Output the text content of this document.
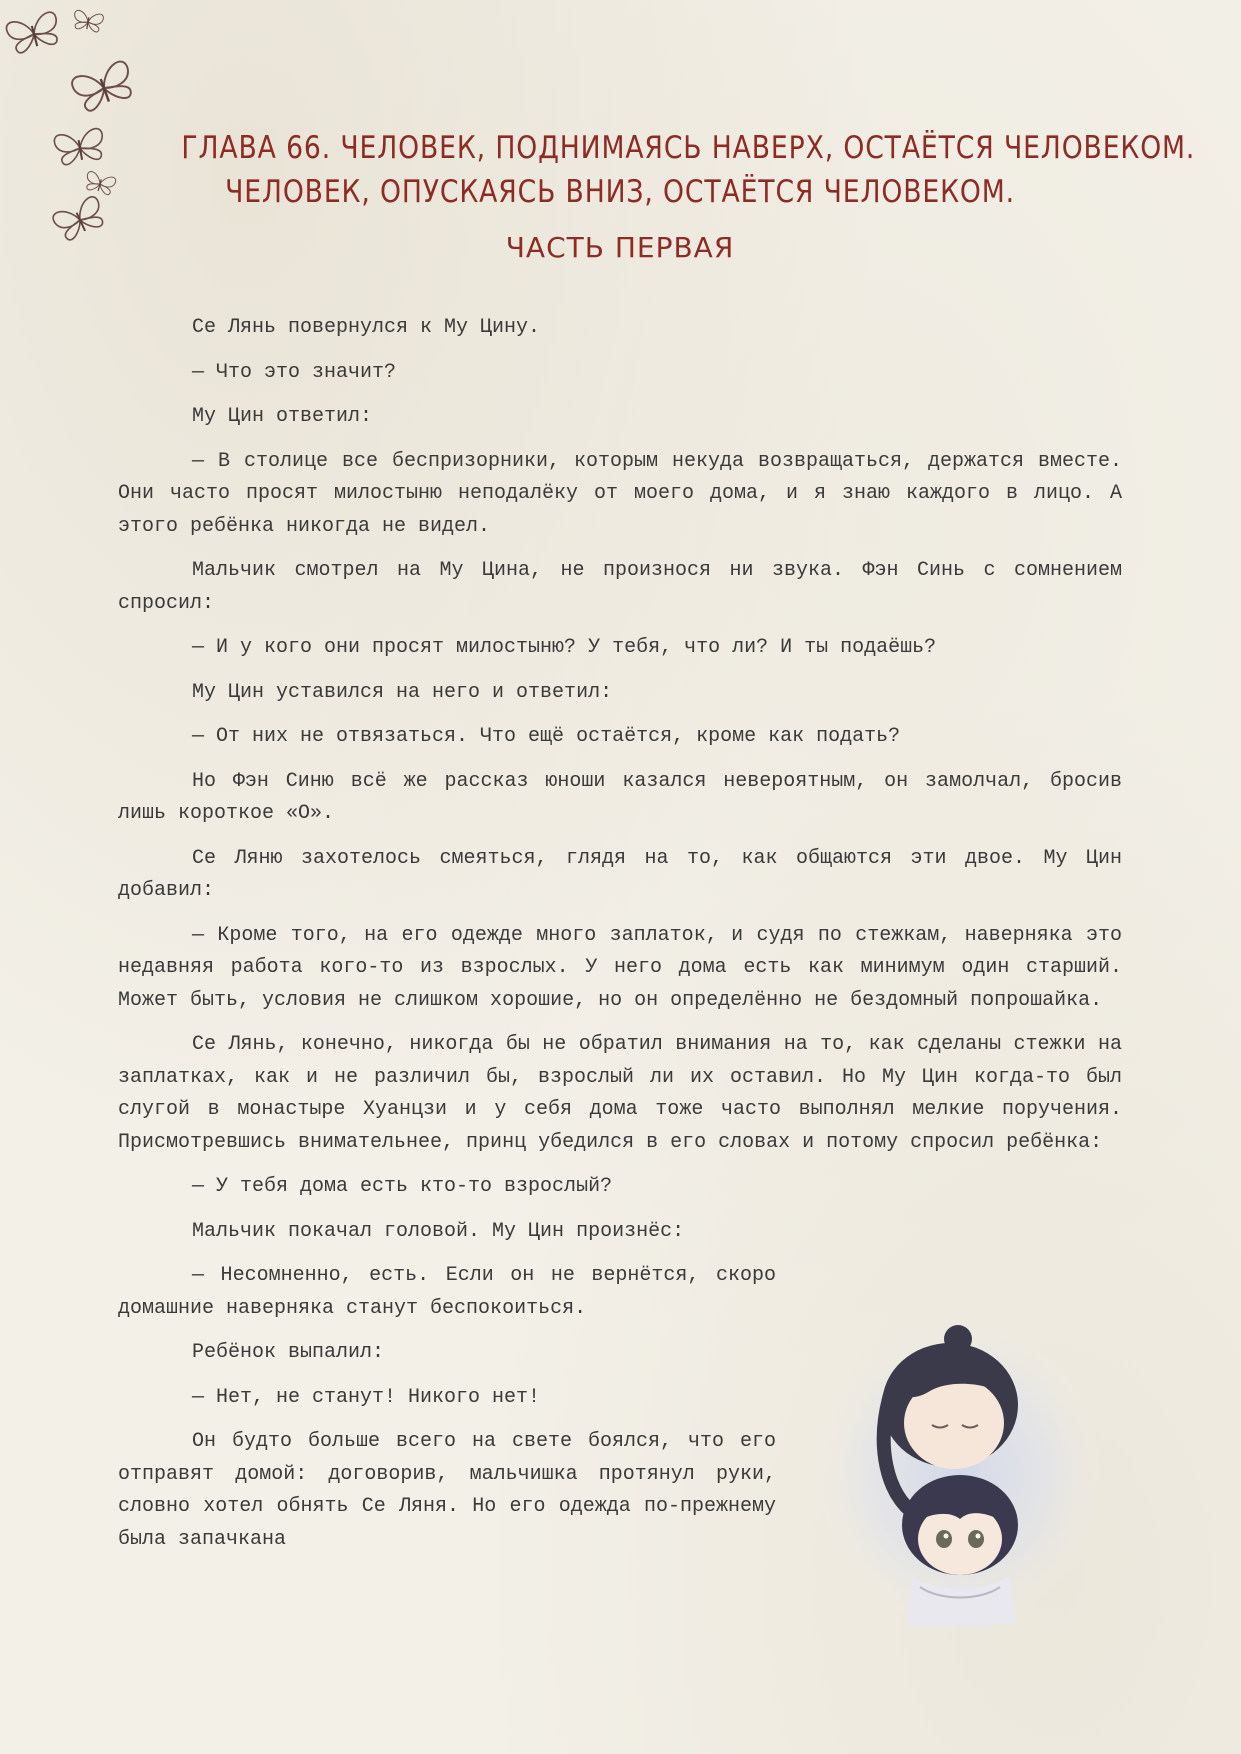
ГЛАВА 66. ЧЕЛОВЕК, ПОДНИМАЯСЬ НАВЕРХ, ОСТАЁТСЯ ЧЕЛОВЕКОМ.
ЧЕЛОВЕК, ОПУСКАЯСЬ ВНИЗ, ОСТАЁТСЯ ЧЕЛОВЕКОМ.
ЧАСТЬ ПЕРВАЯ

Се Лянь повернулся к Му Цину.

— Что это значит?

Му Цин ответил:

— В столице все беспризорники, которым некуда возвращаться, держатся вместе. Они часто просят милостыню неподалёку от моего дома, и я знаю каждого в лицо. А этого ребёнка никогда не видел.

Мальчик смотрел на Му Цина, не произнося ни звука. Фэн Синь с сомнением спросил:

— И у кого они просят милостыню? У тебя, что ли? И ты подаёшь?

Му Цин уставился на него и ответил:

— От них не отвязаться. Что ещё остаётся, кроме как подать?

Но Фэн Синю всё же рассказ юноши казался невероятным, он замолчал, бросив лишь короткое «О».

Се Ляню захотелось смеяться, глядя на то, как общаются эти двое. Му Цин добавил:

— Кроме того, на его одежде много заплаток, и судя по стежкам, наверняка это недавняя работа кого-то из взрослых. У него дома есть как минимум один старший. Может быть, условия не слишком хорошие, но он определённо не бездомный попрошайка.

Се Лянь, конечно, никогда бы не обратил внимания на то, как сделаны стежки на заплатках, как и не различил бы, взрослый ли их оставил. Но Му Цин когда-то был слугой в монастыре Хуанцзи и у себя дома тоже часто выполнял мелкие поручения. Присмотревшись внимательнее, принц убедился в его словах и потому спросил ребёнка:

— У тебя дома есть кто-то взрослый?

Мальчик покачал головой. Му Цин произнёс:

— Несомненно, есть. Если он не вернётся, скоро домашние наверняка станут беспокоиться.

Ребёнок выпалил:

— Нет, не станут! Никого нет!

Он будто больше всего на свете боялся, что его отправят домой: договорив, мальчишка протянул руки, словно хотел обнять Се Ляня. Но его одежда по-прежнему была запачкана
